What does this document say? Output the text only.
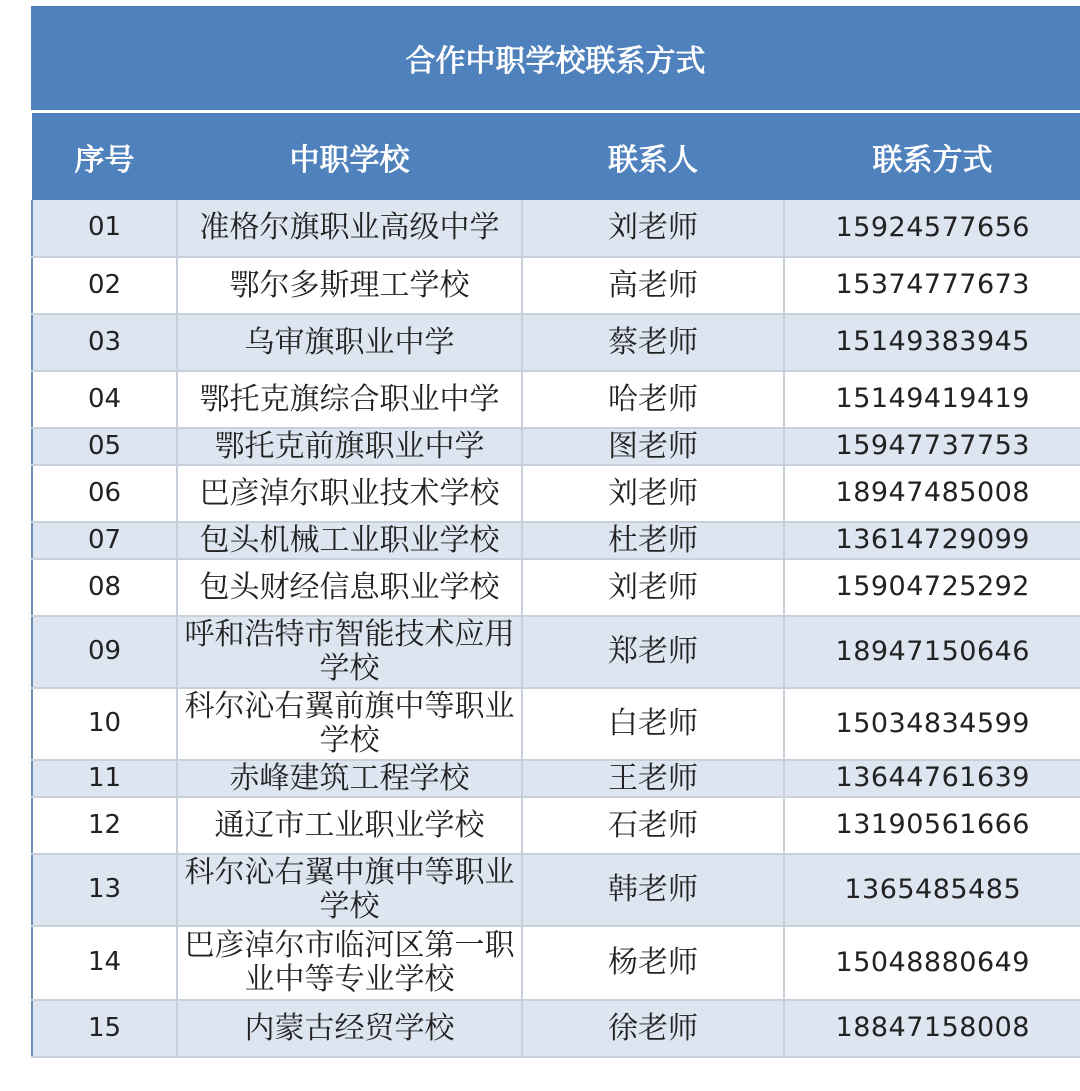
合作中职学校联系方式
序号	中职学校	联系人	联系方式
01	准格尔旗职业高级中学	刘老师	15924577656
02	鄂尔多斯理工学校	高老师	15374777673
03	乌审旗职业中学	蔡老师	15149383945
04	鄂托克旗综合职业中学	哈老师	15149419419
05	鄂托克前旗职业中学	图老师	15947737753
06	巴彦淖尔职业技术学校	刘老师	18947485008
07	包头机械工业职业学校	杜老师	13614729099
08	包头财经信息职业学校	刘老师	15904725292
09	呼和浩特市智能技术应用学校	郑老师	18947150646
10	科尔沁右翼前旗中等职业学校	白老师	15034834599
11	赤峰建筑工程学校	王老师	13644761639
12	通辽市工业职业学校	石老师	13190561666
13	科尔沁右翼中旗中等职业学校	韩老师	1365485485
14	巴彦淖尔市临河区第一职业中等专业学校	杨老师	15048880649
15	内蒙古经贸学校	徐老师	18847158008
